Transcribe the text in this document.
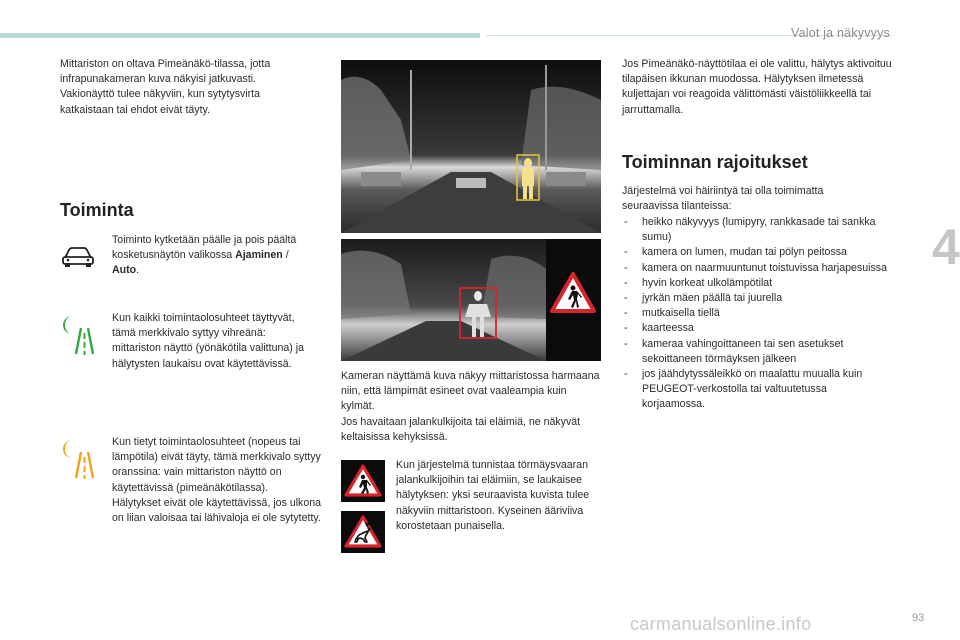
Valot ja näkyvyys
4
93
carmanualsonline.info
Mittariston on oltava Pimeänäkö-tilassa, jotta infrapunakameran kuva näkyisi jatkuvasti. Vakionäyttö tulee näkyviin, kun sytytysvirta katkaistaan tai ehdot eivät täyty.
Toiminta
Toiminto kytketään päälle ja pois päältä kosketusnäytön valikossa Ajaminen / Auto.
Kun kaikki toimintaolosuhteet täyttyvät, tämä merkkivalo syttyy vihreänä: mittariston näyttö (yönäkötila valittuna) ja hälytysten laukaisu ovat käytettävissä.
Kun tietyt toimintaolosuhteet (nopeus tai lämpötila) eivät täyty, tämä merkkivalo syttyy oranssina: vain mittariston näyttö on käytettävissä (pimeänäkötilassa).
Hälytykset eivät ole käytettävissä, jos ulkona on liian valoisaa tai lähivaloja ei ole sytytetty.
Kameran näyttämä kuva näkyy mittaristossa harmaana niin, että lämpimät esineet ovat vaaleampia kuin kylmät.
Jos havaitaan jalankulkijoita tai eläimiä, ne näkyvät keltaisissa kehyksissä.
Kun järjestelmä tunnistaa törmäysvaaran jalankulkijoihin tai eläimiin, se laukaisee hälytyksen: yksi seuraavista kuvista tulee näkyviin mittaristoon. Kyseinen ääriviiva korostetaan punaisella.
Jos Pimeänäkö-näyttötilaa ei ole valittu, hälytys aktivoituu tilapäisen ikkunan muodossa. Hälytyksen ilmetessä kuljettajan voi reagoida välittömästi väistöliikkeellä tai jarruttamalla.
Toiminnan rajoitukset
Järjestelmä voi häiriintyä tai olla toimimatta seuraavissa tilanteissa:
- heikko näkyvyys (lumipyry, rankkasade tai sankka sumu)
- kamera on lumen, mudan tai pölyn peitossa
- kamera on naarmuuntunut toistuvissa harjapesuissa
- hyvin korkeat ulkolämpötilat
- jyrkän mäen päällä tai juurella
- mutkaisella tiellä
- kaarteessa
- kameraa vahingoittaneen tai sen asetukset sekoittaneen törmäyksen jälkeen
- jos jäähdytyssäleikkö on maalattu muualla kuin PEUGEOT-verkostolla tai valtuutetussa korjaamossa.
